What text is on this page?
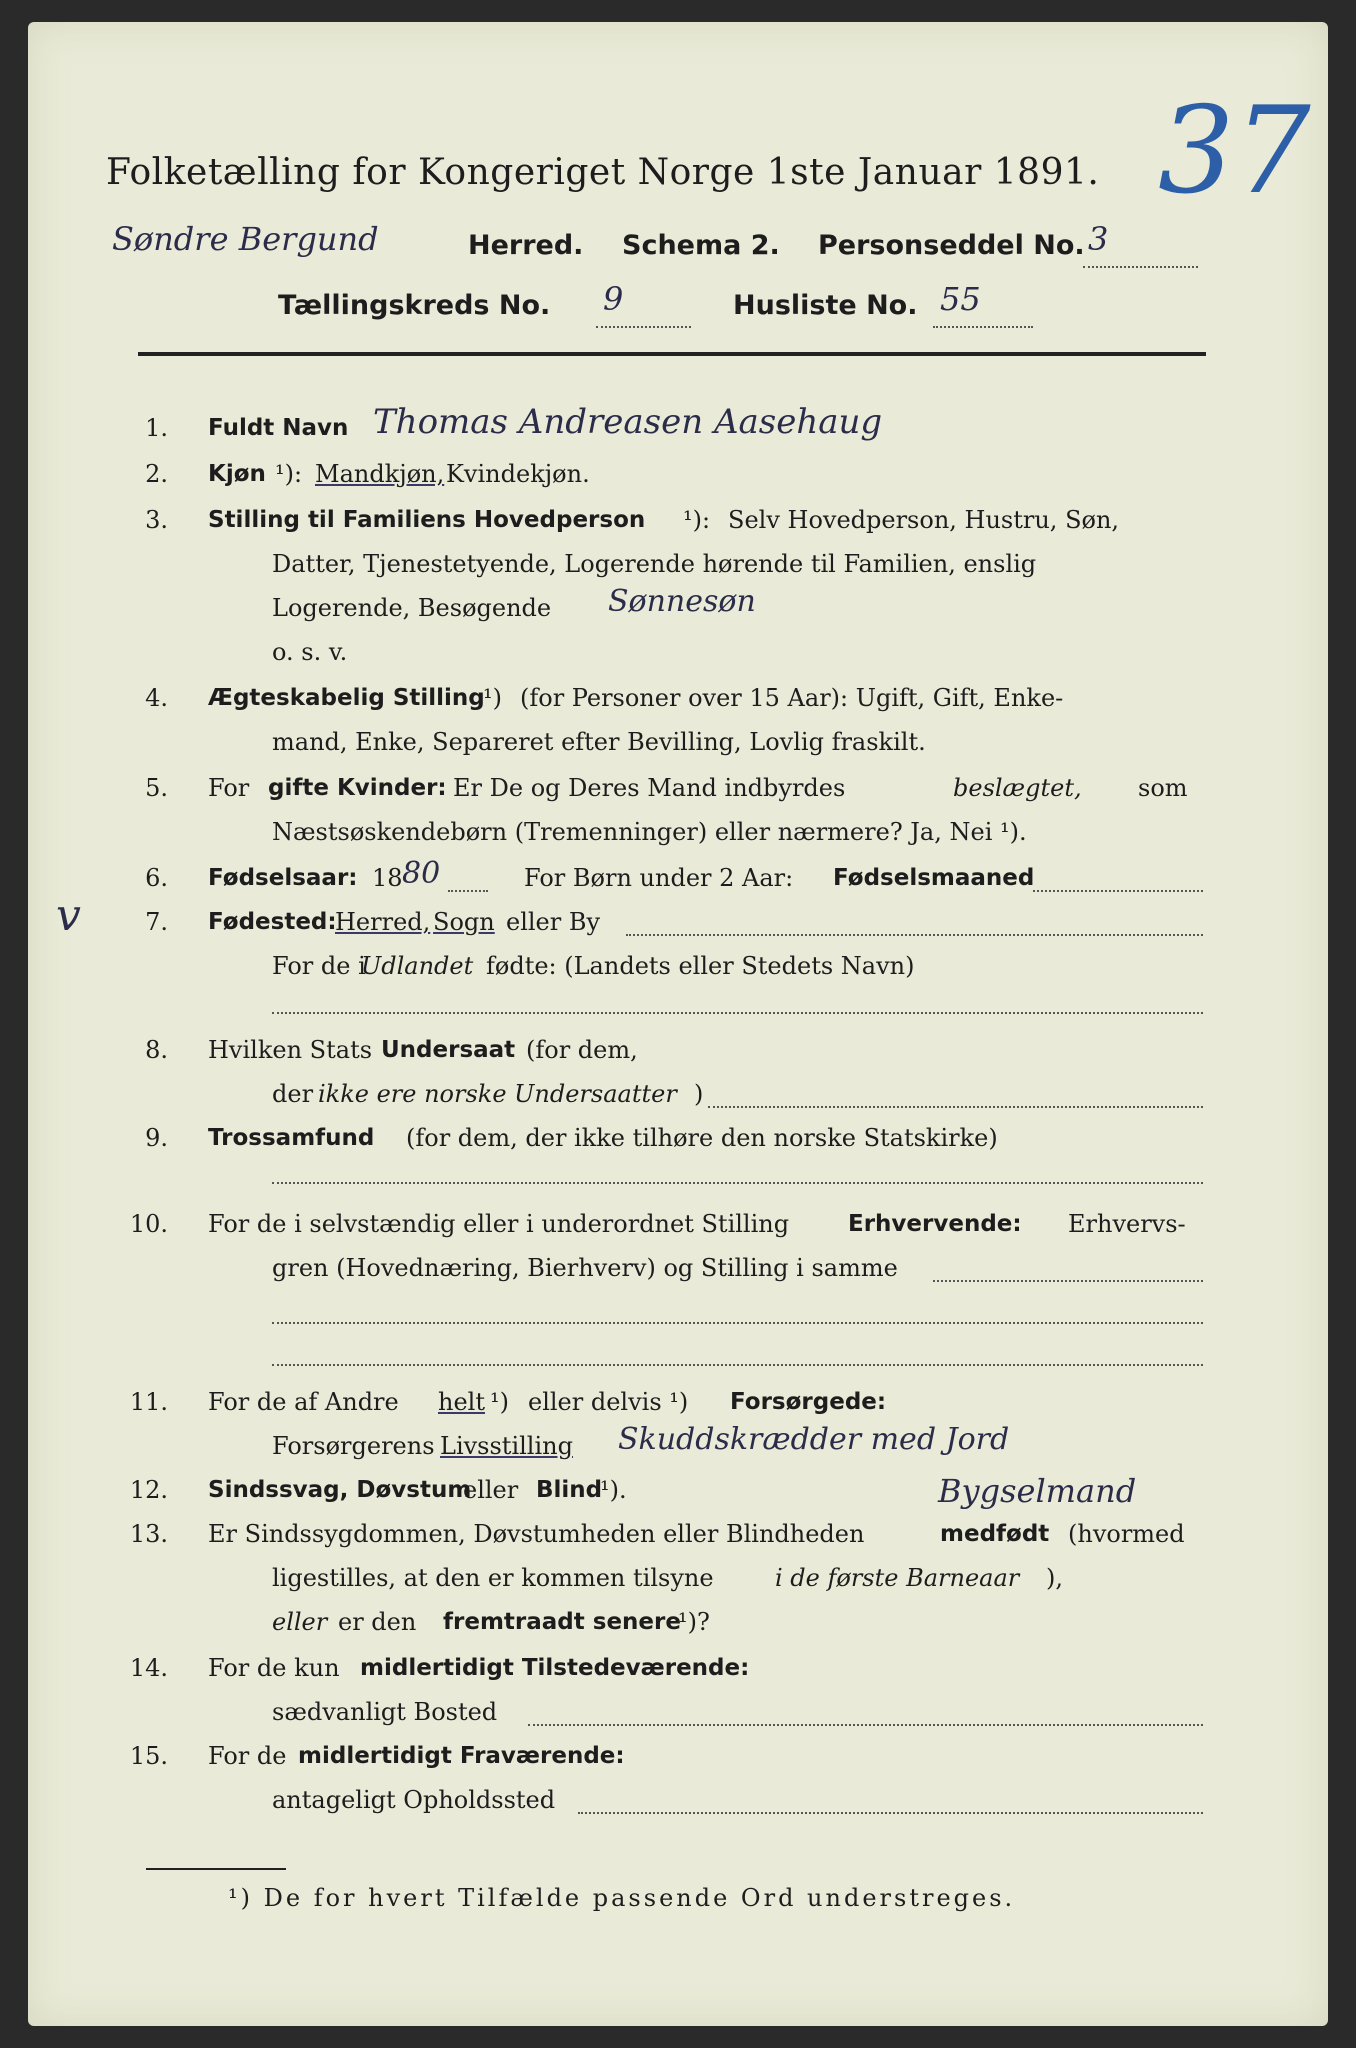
Folketælling for Kongeriget Norge 1ste Januar 1891. 37
Søndre Bergund	Herred. Schema 2. Personseddel No. 3
Tællingskreds No. 9	Husliste No. 55
1. Fuldt Navn Thomas Andreasen Aasehaug
2. Kjøn ¹): Mandkjøn, Kvindekjøn.
3. Stilling til Familiens Hovedperson ¹): Selv Hovedperson, Hustru, Søn,
Datter, Tjenestetyende, Logerende hørende til Familien, enslig
Logerende, Besøgende Sønnesøn
o. s. v.
4. Ægteskabelig Stilling
¹) (for Personer over 15 Aar): Ugift, Gift, Enke-
mand, Enke, Separeret efter Bevilling, Lovlig fraskilt.
5. For gifte Kvinder: Er De og Deres Mand indbyrdes	beslægtet, som
Næstsøskendebørn (Tremenninger) eller nærmere? Ja, Nei ¹).
6. Fødselsaar: 18 80	For Børn under 2 Aar: Fødselsmaaned
v	7. Fødested:
Herred, Sogn eller By
For de i
Udlandet fødte: (Landets eller Stedets Navn)
8. Hvilken Stats Undersaat (for dem,
der ikke ere norske Undersaatter )
9. Trossamfund (for dem, der ikke tilhøre den norske Statskirke)
10. For de i selvstændig eller i underordnet Stilling	Erhvervende: Erhvervs-
gren (Hovednæring, Bierhverv) og Stilling i samme
11. For de af Andre helt ¹) eller delvis ¹) Forsørgede:
Forsørgerens Livsstilling Skuddskrædder med Jord
Bygselmand
12. Sindssvag, Døvstum
eller Blind
¹).
13. Er Sindssygdommen, Døvstumheden eller Blindheden	medfødt (hvormed
ligestilles, at den er kommen tilsyne	i de første Barneaar ),
eller er den fremtraadt senere
¹)?
14. For de kun midlertidigt Tilstedeværende:
sædvanligt Bosted
15. For de midlertidigt Fraværende:
antageligt Opholdssted
¹) De for hvert Tilfælde passende Ord understreges.
